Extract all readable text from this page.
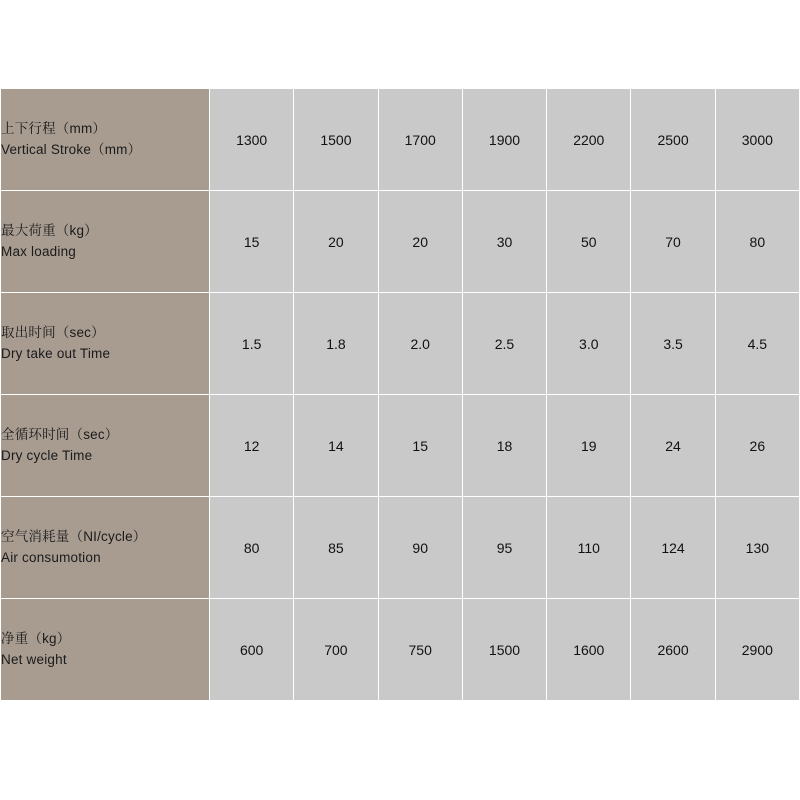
上下行程（mm）
Vertical Stroke（mm）	1300	1500	1700	1900	2200	2500	3000

最大荷重（kg）
Max loading	15	20	20	30	50	70	80

取出时间（sec）
Dry take out Time	1.5	1.8	2.0	2.5	3.0	3.5	4.5

全循环时间（sec）
Dry cycle Time	12	14	15	18	19	24	26

空气消耗量（NI/cycle）
Air consumotion	80	85	90	95	110	124	130

净重（kg）
Net weight	600	700	750	1500	1600	2600	2900
